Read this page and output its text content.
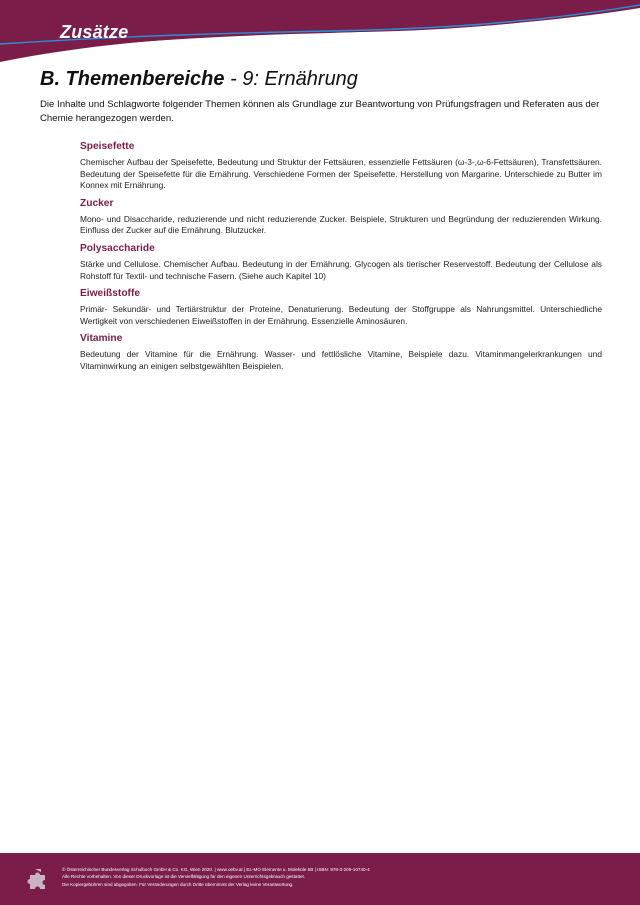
Zusätze
B. Themenbereiche - 9: Ernährung
Die Inhalte und Schlagworte folgender Themen können als Grundlage zur Beantwortung von Prüfungsfragen und Referaten aus der Chemie herangezogen werden.
Speisefette

Chemischer Aufbau der Speisefette, Bedeutung und Struktur der Fettsäuren, essenzielle Fettsäuren (ω-3-,ω-6-Fettsäuren), Transfettsäuren. Bedeutung der Speisefette für die Ernährung. Verschiedene Formen der Speisefette. Herstellung von Margarine. Unterschiede zu Butter im Konnex mit Ernährung.

Zucker

Mono- und Disaccharide, reduzierende und nicht reduzierende Zucker. Beispiele, Strukturen und Begründung der reduzierenden Wirkung. Einfluss der Zucker auf die Ernährung. Blutzucker.

Polysaccharide

Stärke und Cellulose. Chemischer Aufbau. Bedeutung in der Ernährung. Glycogen als tierischer Reservestoff. Bedeutung der Cellulose als Rohstoff für Textil- und technische Fasern. (Siehe auch Kapitel 10)

Eiweißstoffe

Primär- Sekundär- und Tertiärstruktur der Proteine, Denaturierung. Bedeutung der Stoffgruppe als Nahrungsmittel. Unterschiedliche Wertigkeit von verschiedenen Eiweißstoffen in der Ernährung. Essenzielle Aminosäuren.

Vitamine

Bedeutung der Vitamine für die Ernährung. Wasser- und fettlösliche Vitamine, Beispiele dazu. Vitaminmangelerkrankungen und Vitaminwirkung an einigen selbstgewählten Beispielen.

© Österreichischer Bundesverlag Schulbuch GmbH & Co. KG, Wien 2020. | www.oebv.at | EL-MO Elemente u. Moleküle 5B | ISBN: 978-3-209-10740-4
Alle Rechte vorbehalten. Von dieser Druckvorlage ist die Vervielfältigung für den eigenen Unterrichtsgebrauch gestattet.
Die Kopiergebühren sind abgegolten. Für Veränderungen durch Dritte übernimmt der Verlag keine Verantwortung.
